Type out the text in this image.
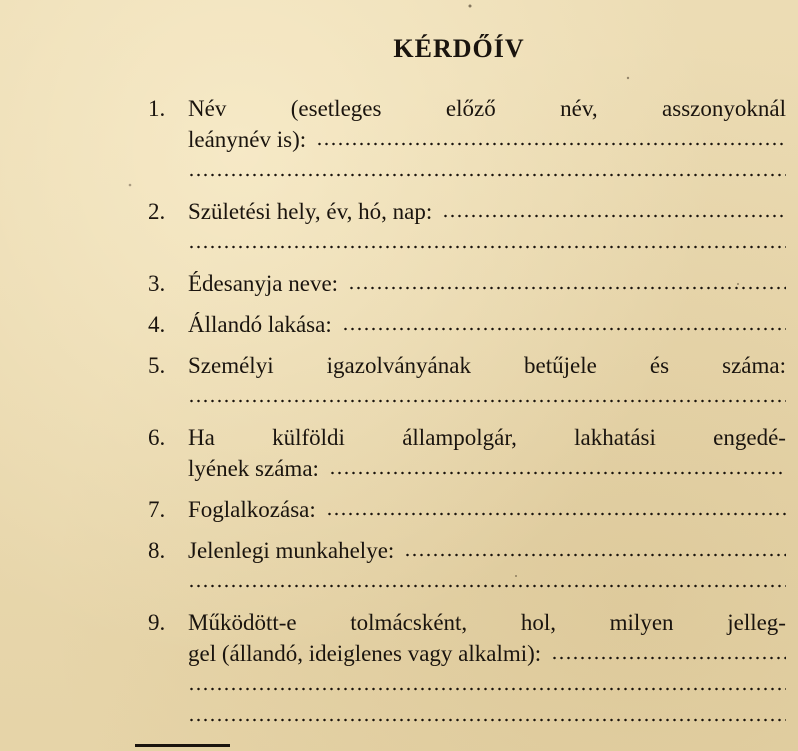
KÉRDŐÍV
1. Név	(esetleges	előző	név,	asszonyoknál
leánynév is):
2. Születési hely, év, hó, nap:
3. Édesanyja neve:
4. Állandó lakása:
5. Személyi igazolványának betűjele és száma:
6. Ha külföldi állampolgár, lakhatási engedé-
lyének száma:
7. Foglalkozása:
8. Jelenlegi munkahelye:
9. Működött-e tolmácsként, hol, milyen jelleg-
gel (állandó, ideiglenes vagy alkalmi):
